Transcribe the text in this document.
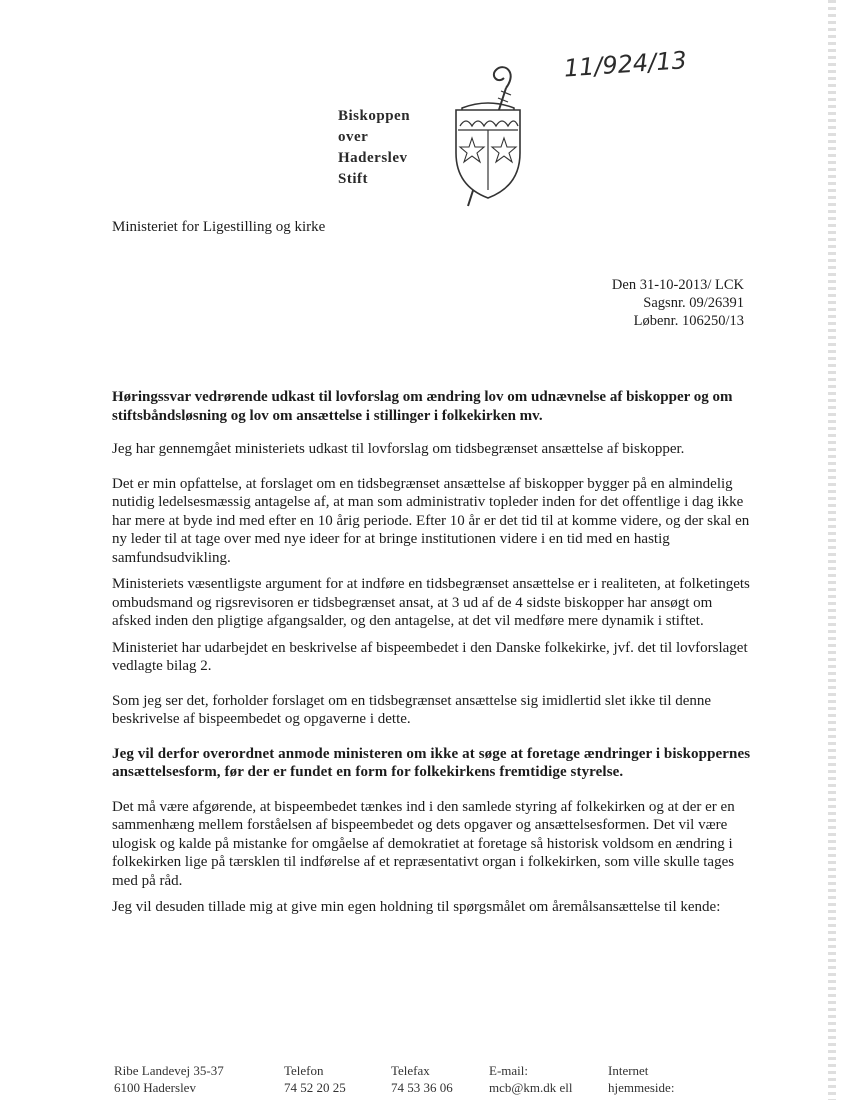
11/924/13
Biskoppen
over
Haderslev
Stift
Ministeriet for Ligestilling og kirke
Den 31-10-2013/ LCK
Sagsnr. 09/26391
Løbenr. 106250/13

Høringssvar vedrørende udkast til lovforslag om ændring lov om udnævnelse af biskopper og om stiftsbåndsløsning og lov om ansættelse i stillinger i folkekirken mv.

Jeg har gennemgået ministeriets udkast til lovforslag om tidsbegrænset ansættelse af biskopper.

Det er min opfattelse, at forslaget om en tidsbegrænset ansættelse af biskopper bygger på en almindelig nutidig ledelsesmæssig antagelse af, at man som administrativ topleder inden for det offentlige i dag ikke har mere at byde ind med efter en 10 årig periode. Efter 10 år er det tid til at komme videre, og der skal en ny leder til at tage over med nye ideer for at bringe institutionen videre i en tid med en hastig samfundsudvikling.

Ministeriets væsentligste argument for at indføre en tidsbegrænset ansættelse er i realiteten, at folketingets ombudsmand og rigsrevisoren er tidsbegrænset ansat, at 3 ud af de 4 sidste biskopper har ansøgt om afsked inden den pligtige afgangsalder, og den antagelse, at det vil medføre mere dynamik i stiftet.

Ministeriet har udarbejdet en beskrivelse af bispeembedet i den Danske folkekirke, jvf. det til lovforslaget vedlagte bilag 2.

Som jeg ser det, forholder forslaget om en tidsbegrænset ansættelse sig imidlertid slet ikke til denne beskrivelse af bispeembedet og opgaverne i dette.

Jeg vil derfor overordnet anmode ministeren om ikke at søge at foretage ændringer i biskoppernes ansættelsesform, før der er fundet en form for folkekirkens fremtidige styrelse.

Det må være afgørende, at bispeembedet tænkes ind i den samlede styring af folkekirken og at der er en sammenhæng mellem forståelsen af bispeembedet og dets opgaver og ansættelsesformen. Det vil være ulogisk og kalde på mistanke for omgåelse af demokratiet at foretage så historisk voldsom en ændring i folkekirken lige på tærsklen til indførelse af et repræsentativt organ i folkekirken, som ville skulle tages med på råd.

Jeg vil desuden tillade mig at give min egen holdning til spørgsmålet om åremålsansættelse til kende:

Ribe Landevej 35-37
6100 Haderslev
Telefon
74 52 20 25
Telefax
74 53 36 06
E-mail:
mcb@km.dk ell
Internet
hjemmeside:
